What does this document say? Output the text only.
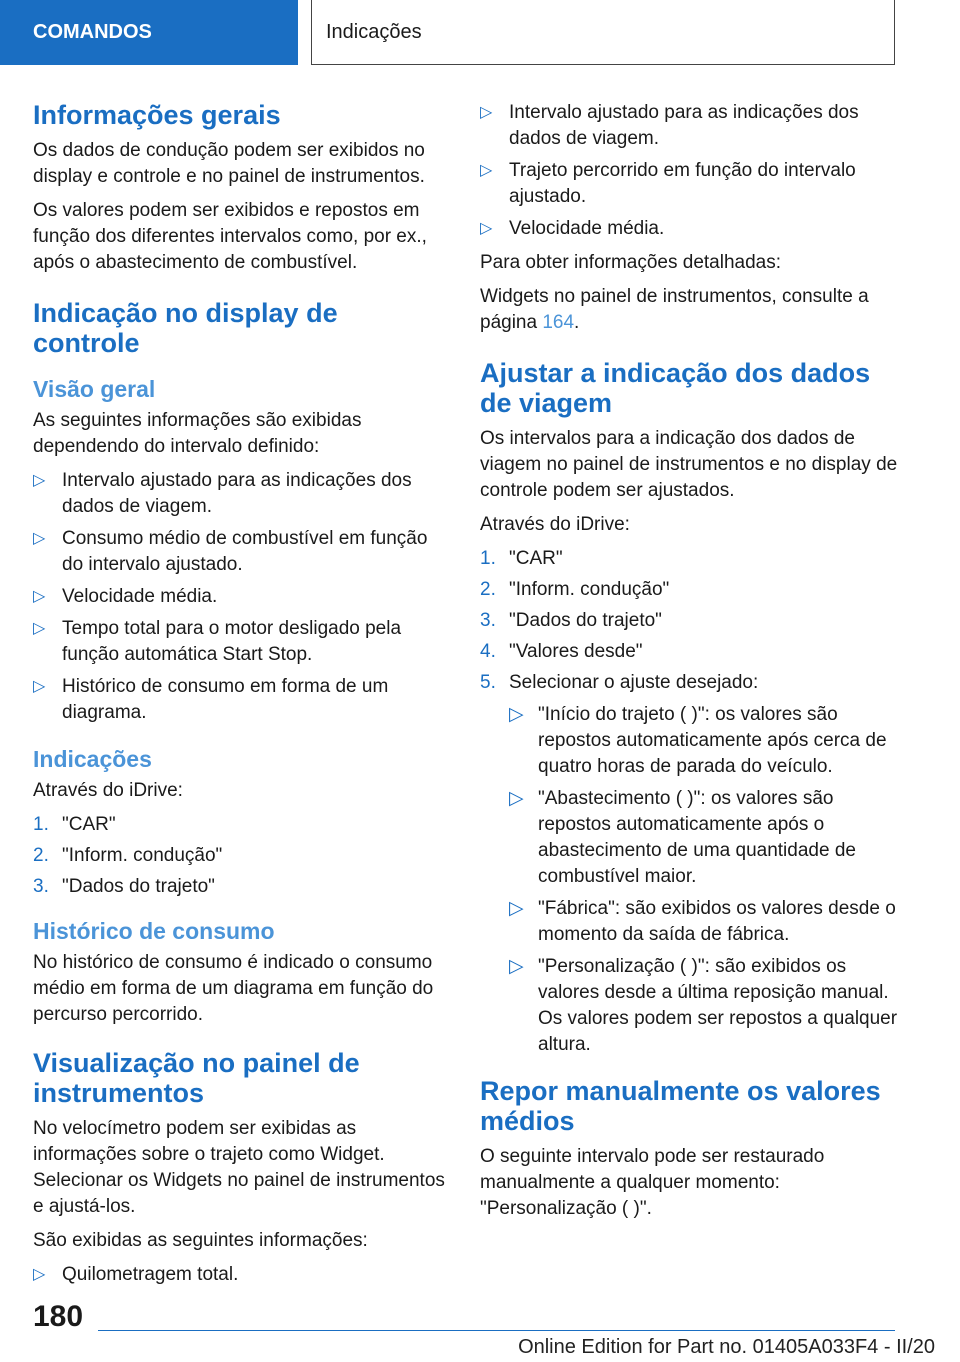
COMANDOS	Indicações
Informações gerais

Os dados de condução podem ser exibidos no display e controle e no painel de instrumentos.

Os valores podem ser exibidos e repostos em função dos diferentes intervalos como, por ex., após o abastecimento de combustível.

Indicação no display de controle
Visão geral

As seguintes informações são exibidas dependendo do intervalo definido:

▷ Intervalo ajustado para as indicações dos dados de viagem.
▷ Consumo médio de combustível em função do intervalo ajustado.
▷ Velocidade média.
▷ Tempo total para o motor desligado pela função automática Start Stop.
▷ Histórico de consumo em forma de um diagrama.
Indicações

Através do iDrive:

1. "CAR"
2. "Inform. condução"
3. "Dados do trajeto"
Histórico de consumo

No histórico de consumo é indicado o consumo médio em forma de um diagrama em função do percurso percorrido.

Visualização no painel de instrumentos

No velocímetro podem ser exibidas as informações sobre o trajeto como Widget. Selecionar os Widgets no painel de instrumentos e ajustá-los.

São exibidas as seguintes informações:

▷ Quilometragem total.
▷ Intervalo ajustado para as indicações dos dados de viagem.
▷ Trajeto percorrido em função do intervalo ajustado.
▷ Velocidade média.

Para obter informações detalhadas:

Widgets no painel de instrumentos, consulte a página 164.

Ajustar a indicação dos dados de viagem

Os intervalos para a indicação dos dados de viagem no painel de instrumentos e no display de controle podem ser ajustados.

Através do iDrive:

1. "CAR"
2. "Inform. condução"
3. "Dados do trajeto"
4. "Valores desde"
5. Selecionar o ajuste desejado:
▷ "Início do trajeto ( )": os valores são repostos automaticamente após cerca de quatro horas de parada do veículo.
▷ "Abastecimento ( )": os valores são repostos automaticamente após o abastecimento de uma quantidade de combustível maior.
▷ "Fábrica": são exibidos os valores desde o momento da saída de fábrica.
▷ "Personalização ( )": são exibidos os valores desde a última reposição manual. Os valores podem ser repostos a qualquer altura.
Repor manualmente os valores médios

O seguinte intervalo pode ser restaurado manualmente a qualquer momento: "Personalização ( )".

180
Online Edition for Part no. 01405A033F4 - II/20
